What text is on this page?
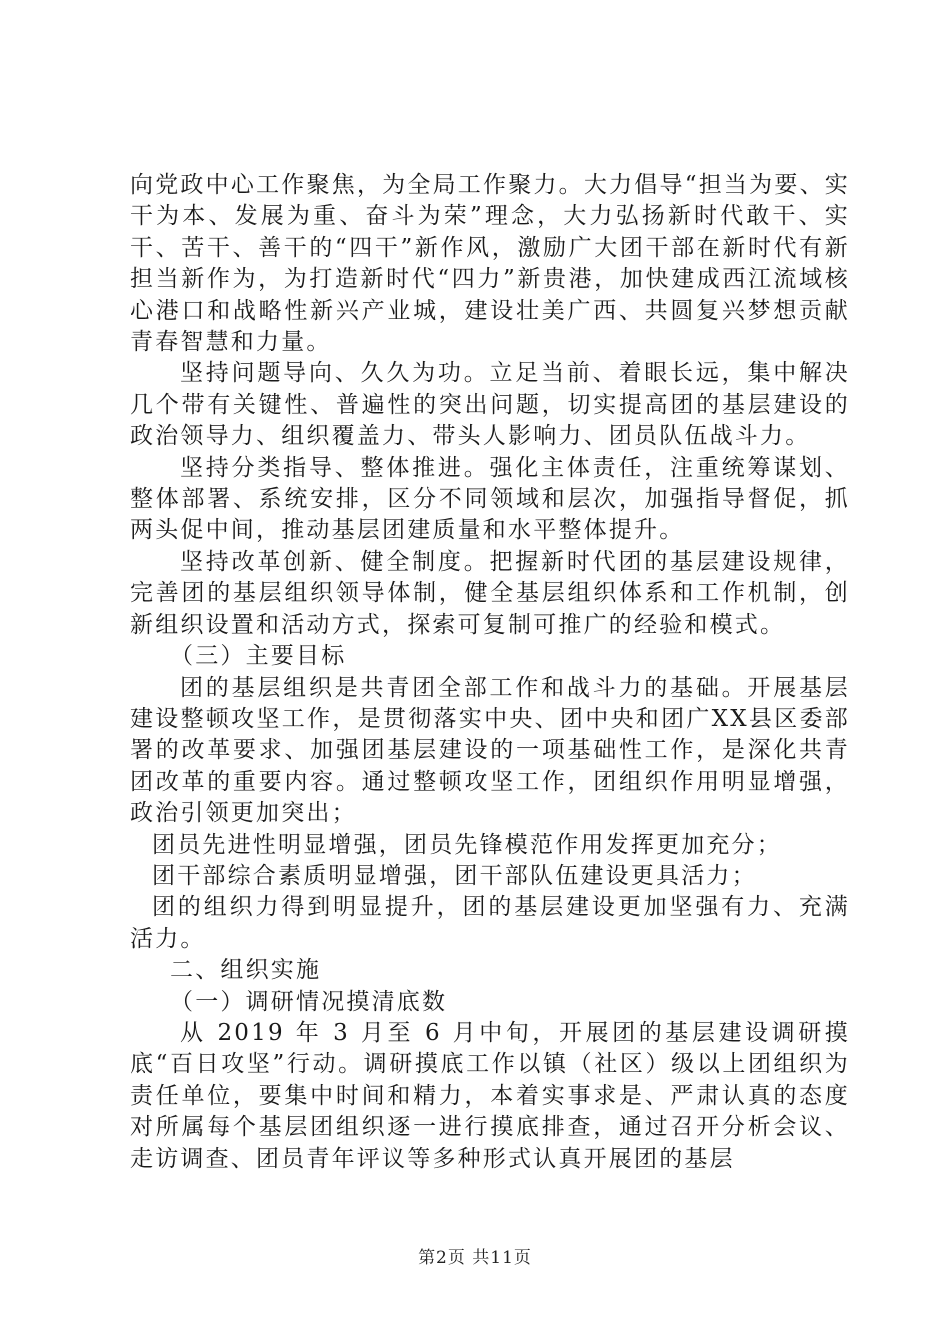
向党政中心工作聚焦，为全局工作聚力。大力倡导“担当为要、实干为本、发展为重、奋斗为荣”理念，大力弘扬新时代敢干、实干、苦干、善干的“四干”新作风，激励广大团干部在新时代有新担当新作为，为打造新时代“四力”新贵港，加快建成西江流域核心港口和战略性新兴产业城，建设壮美广西、共圆复兴梦想贡献青春智慧和力量。

坚持问题导向、久久为功。立足当前、着眼长远，集中解决几个带有关键性、普遍性的突出问题，切实提高团的基层建设的政治领导力、组织覆盖力、带头人影响力、团员队伍战斗力。

坚持分类指导、整体推进。强化主体责任，注重统筹谋划、整体部署、系统安排，区分不同领域和层次，加强指导督促，抓两头促中间，推动基层团建质量和水平整体提升。

坚持改革创新、健全制度。把握新时代团的基层建设规律，完善团的基层组织领导体制，健全基层组织体系和工作机制，创新组织设置和活动方式，探索可复制可推广的经验和模式。

（三）主要目标

团的基层组织是共青团全部工作和战斗力的基础。开展基层建设整顿攻坚工作，是贯彻落实中央、团中央和团广XX县区委部署的改革要求、加强团基层建设的一项基础性工作，是深化共青团改革的重要内容。通过整顿攻坚工作，团组织作用明显增强，政治引领更加突出；

团员先进性明显增强，团员先锋模范作用发挥更加充分；

团干部综合素质明显增强，团干部队伍建设更具活力；

团的组织力得到明显提升，团的基层建设更加坚强有力、充满活力。

二、组织实施

（一）调研情况摸清底数

从 2019 年 3 月至 6 月中旬，开展团的基层建设调研摸底“百日攻坚”行动。调研摸底工作以镇（社区）级以上团组织为责任单位，要集中时间和精力，本着实事求是、严肃认真的态度对所属每个基层团组织逐一进行摸底排查，通过召开分析会议、走访调查、团员青年评议等多种形式认真开展团的基层

第2页 共11页
